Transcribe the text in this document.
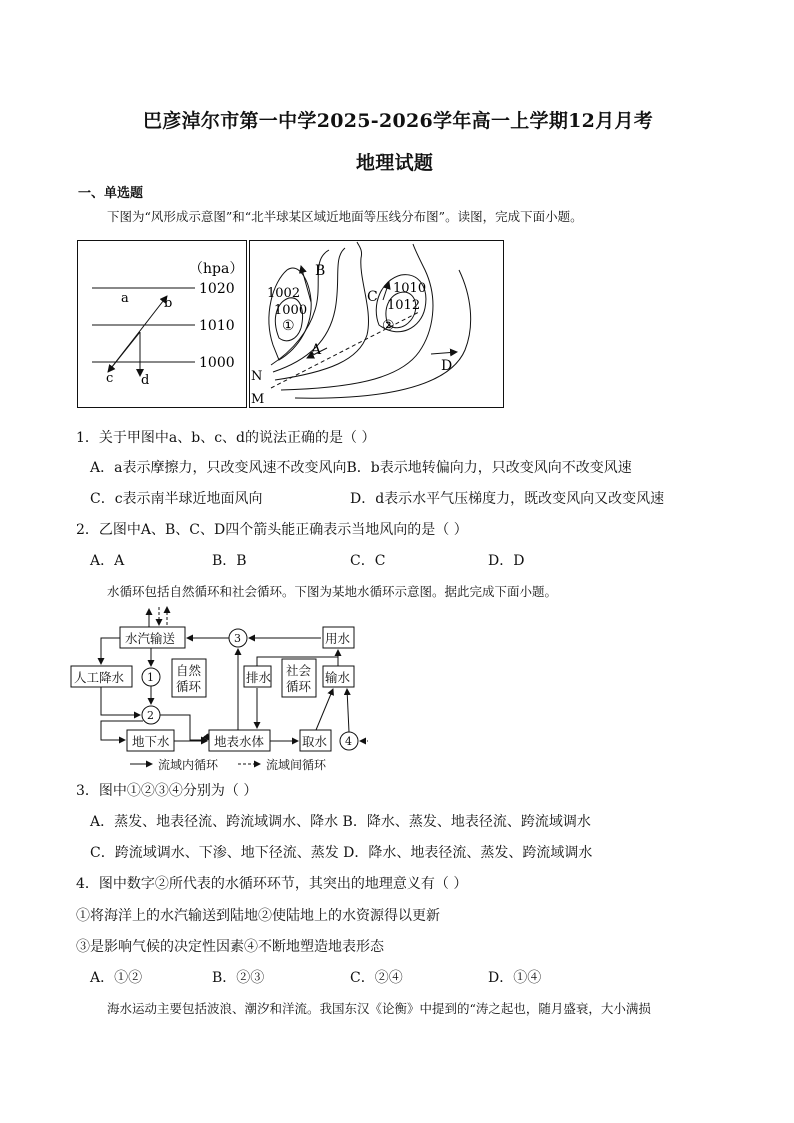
巴彦淖尔市第一中学2025-2026学年高一上学期12月月考
地理试题
一、单选题
下图为“风形成示意图”和“北半球某区域近地面等压线分布图”。读图，完成下面小题。
（hpa）
1020
1010
1000
a	b
c d
B
A
C
D
1002
1000
1010
1012
①	②
N
M
1．关于甲图中a、b、c、d的说法正确的是（ ）
A．a表示摩擦力，只改变风速不改变风向B．b表示地转偏向力，只改变风向不改变风速
C．c表示南半球近地面风向	D．d表示水平气压梯度力，既改变风向又改变风速
2．乙图中A、B、C、D四个箭头能正确表示当地风向的是（ ）
A．A	B．B	C．C	D．D
水循环包括自然循环和社会循环。下图为某地水循环示意图。据此完成下面小题。
水汽输送
人工降水	自然
循环
排水 社会
循环
用水
输水
地下水	地表水体	取水
3
1
2
4
流域内循环	流域间循环
3．图中①②③④分别为（ ）
A．蒸发、地表径流、跨流域调水、降水 B．降水、蒸发、地表径流、跨流域调水
C．跨流域调水、下渗、地下径流、蒸发 D．降水、地表径流、蒸发、跨流域调水
4．图中数字②所代表的水循环环节，其突出的地理意义有（ ）
①将海洋上的水汽输送到陆地②使陆地上的水资源得以更新
③是影响气候的决定性因素④不断地塑造地表形态
A．①②	B．②③	C．②④	D．①④
海水运动主要包括波浪、潮汐和洋流。我国东汉《论衡》中提到的“涛之起也，随月盛衰，大小满损
